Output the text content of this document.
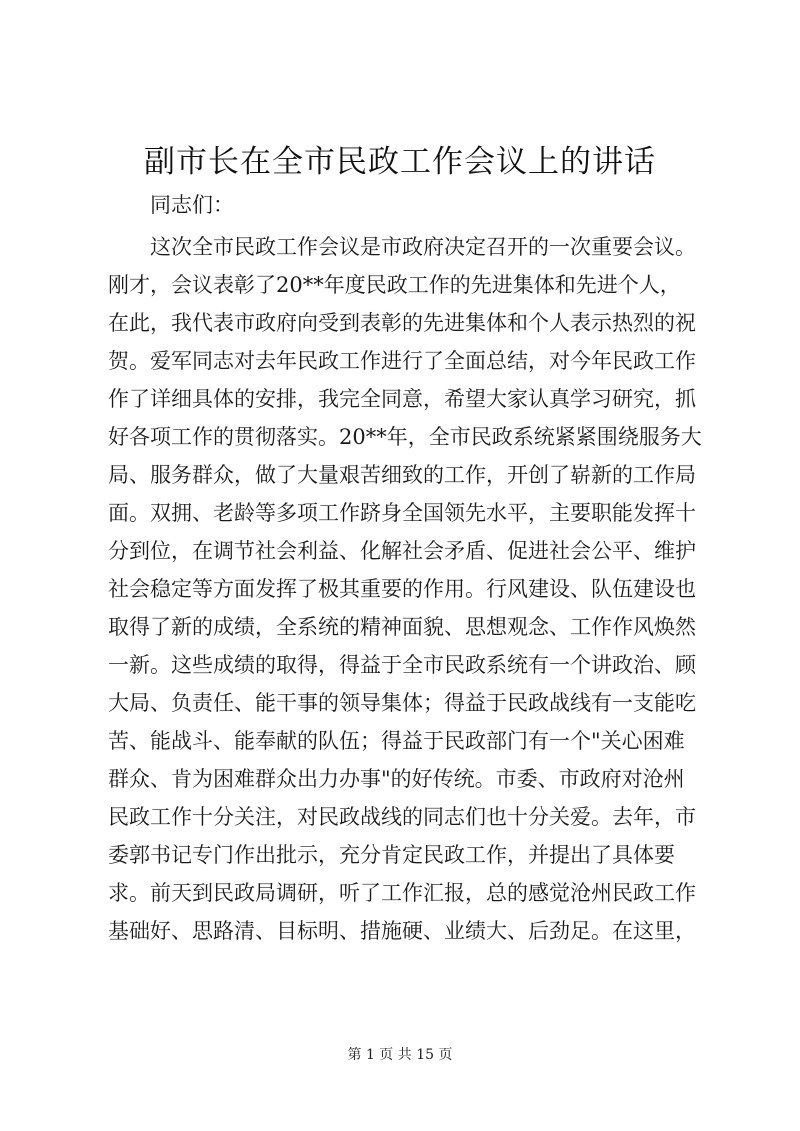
副市长在全市民政工作会议上的讲话
同志们：
这次全市民政工作会议是市政府决定召开的一次重要会议。
刚才，会议表彰了20**年度民政工作的先进集体和先进个人，
在此，我代表市政府向受到表彰的先进集体和个人表示热烈的祝
贺。爱军同志对去年民政工作进行了全面总结，对今年民政工作
作了详细具体的安排，我完全同意，希望大家认真学习研究，抓
好各项工作的贯彻落实。20**年，全市民政系统紧紧围绕服务大
局、服务群众，做了大量艰苦细致的工作，开创了崭新的工作局
面。双拥、老龄等多项工作跻身全国领先水平，主要职能发挥十
分到位，在调节社会利益、化解社会矛盾、促进社会公平、维护
社会稳定等方面发挥了极其重要的作用。行风建设、队伍建设也
取得了新的成绩，全系统的精神面貌、思想观念、工作作风焕然
一新。这些成绩的取得，得益于全市民政系统有一个讲政治、顾
大局、负责任、能干事的领导集体；得益于民政战线有一支能吃
苦、能战斗、能奉献的队伍；得益于民政部门有一个"关心困难
群众、肯为困难群众出力办事"的好传统。市委、市政府对沧州
民政工作十分关注，对民政战线的同志们也十分关爱。去年，市
委郭书记专门作出批示，充分肯定民政工作，并提出了具体要
求。前天到民政局调研，听了工作汇报，总的感觉沧州民政工作
基础好、思路清、目标明、措施硬、业绩大、后劲足。在这里，
第 1 页 共 15 页
